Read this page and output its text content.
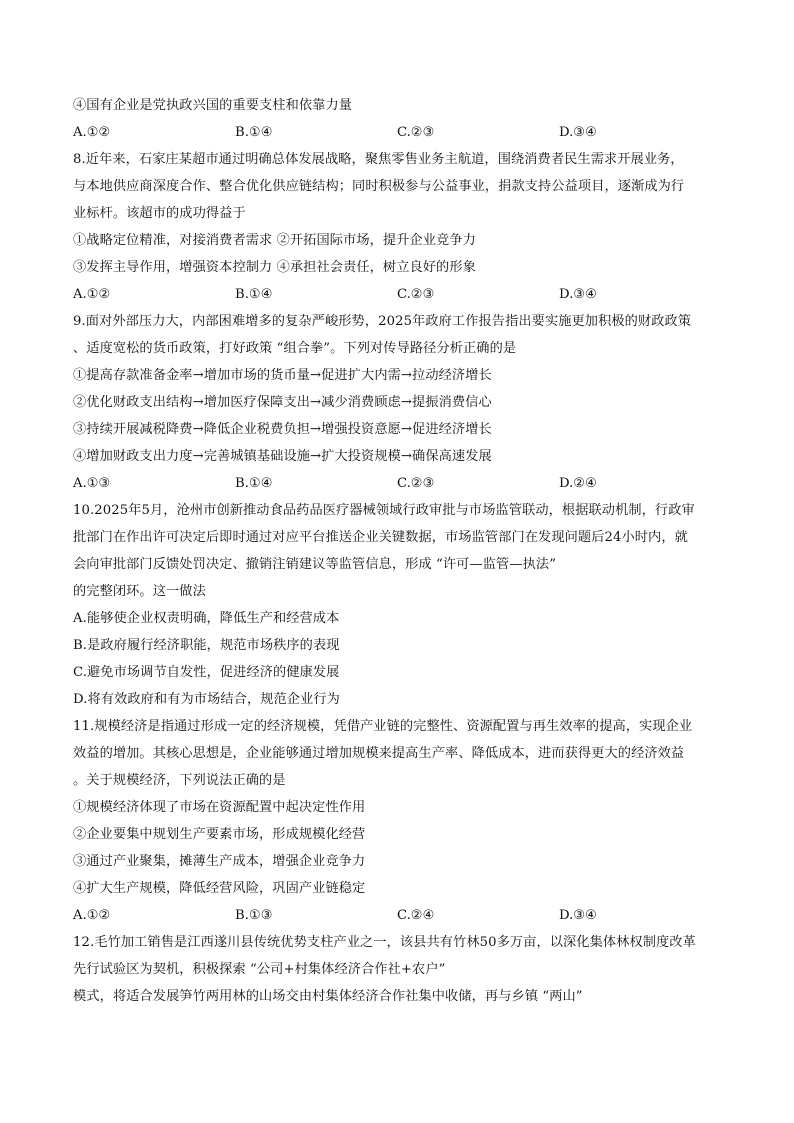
④国有企业是党执政兴国的重要支柱和依靠力量
A.①②	B.①④	C.②③	D.③④
8.近年来，石家庄某超市通过明确总体发展战略，聚焦零售业务主航道，围绕消费者民生需求开展业务，
与本地供应商深度合作、整合优化供应链结构；同时积极参与公益事业，捐款支持公益项目，逐渐成为行
业标杆。该超市的成功得益于
①战略定位精准，对接消费者需求 ②开拓国际市场，提升企业竞争力
③发挥主导作用，增强资本控制力 ④承担社会责任，树立良好的形象
A.①②	B.①④	C.②③	D.③④
9.面对外部压力大，内部困难增多的复杂严峻形势，2025年政府工作报告指出要实施更加积极的财政政策
、适度宽松的货币政策，打好政策 “组合拳”。下列对传导路径分析正确的是
①提高存款准备金率→增加市场的货币量→促进扩大内需→拉动经济增长
②优化财政支出结构→增加医疗保障支出→减少消费顾虑→提振消费信心
③持续开展减税降费→降低企业税费负担→增强投资意愿→促进经济增长
④增加财政支出力度→完善城镇基础设施→扩大投资规模→确保高速发展
A.①③	B.①④	C.②③	D.②④
10.2025年5月，沧州市创新推动食品药品医疗器械领域行政审批与市场监管联动，根据联动机制，行政审
批部门在作出许可决定后即时通过对应平台推送企业关键数据，市场监管部门在发现问题后24小时内，就
会向审批部门反馈处罚决定、撤销注销建议等监管信息，形成 “许可—监管—执法”
的完整闭环。这一做法
A.能够使企业权责明确，降低生产和经营成本
B.是政府履行经济职能，规范市场秩序的表现
C.避免市场调节自发性，促进经济的健康发展
D.将有效政府和有为市场结合，规范企业行为
11.规模经济是指通过形成一定的经济规模，凭借产业链的完整性、资源配置与再生效率的提高，实现企业
效益的增加。其核心思想是，企业能够通过增加规模来提高生产率、降低成本，进而获得更大的经济效益
。关于规模经济，下列说法正确的是
①规模经济体现了市场在资源配置中起决定性作用
②企业要集中规划生产要素市场，形成规模化经营
③通过产业聚集，摊薄生产成本，增强企业竞争力
④扩大生产规模，降低经营风险，巩固产业链稳定
A.①②	B.①③	C.②④	D.③④
12.毛竹加工销售是江西遂川县传统优势支柱产业之一，该县共有竹林50多万亩，以深化集体林权制度改革
先行试验区为契机，积极探索 “公司+村集体经济合作社+农户”
模式，将适合发展笋竹两用林的山场交由村集体经济合作社集中收储，再与乡镇 “两山”
